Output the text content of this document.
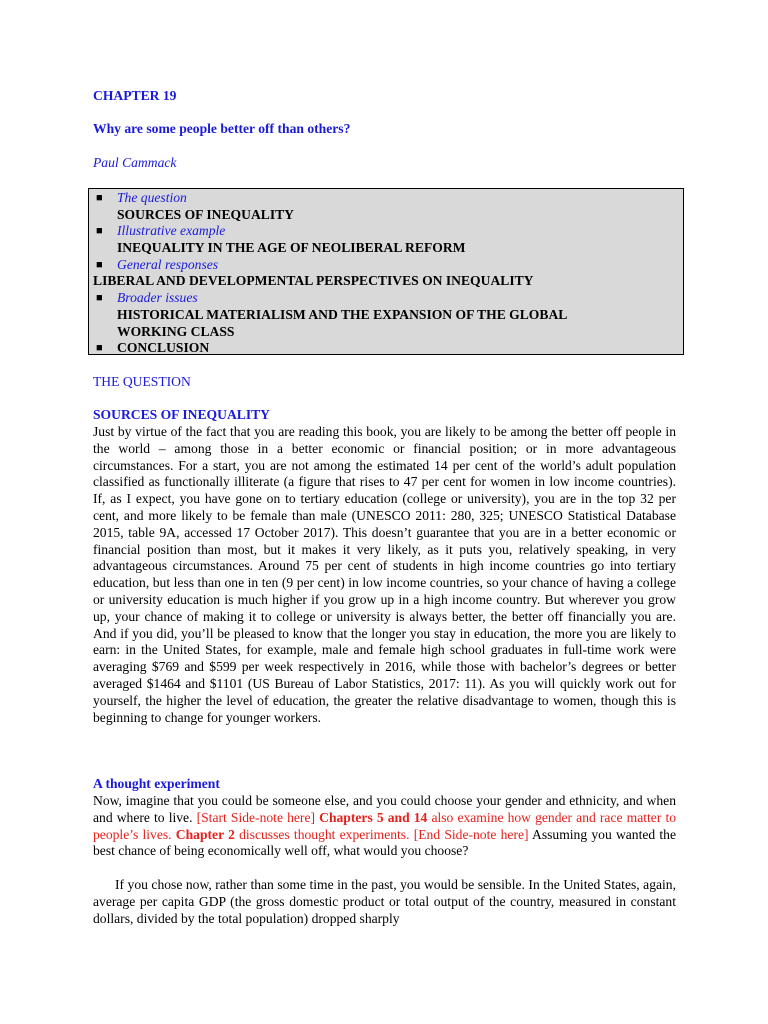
CHAPTER 19
Why are some people better off than others?
Paul Cammack
■ The question
SOURCES OF INEQUALITY
■ Illustrative example
INEQUALITY IN THE AGE OF NEOLIBERAL REFORM
■ General responses
LIBERAL AND DEVELOPMENTAL PERSPECTIVES ON INEQUALITY
■ Broader issues
HISTORICAL MATERIALISM AND THE EXPANSION OF THE GLOBAL
WORKING CLASS
■ CONCLUSION
THE QUESTION
SOURCES OF INEQUALITY
Just by virtue of the fact that you are reading this book, you are likely to be among the better off people in the world – among those in a better economic or financial position; or in more advantageous circumstances. For a start, you are not among the estimated 14 per cent of the world’s adult population classified as functionally illiterate (a figure that rises to 47 per cent for women in low income countries). If, as I expect, you have gone on to tertiary education (college or university), you are in the top 32 per cent, and more likely to be female than male (UNESCO 2011: 280, 325; UNESCO Statistical Database 2015, table 9A, accessed 17 October 2017). This doesn’t guarantee that you are in a better economic or financial position than most, but it makes it very likely, as it puts you, relatively speaking, in very advantageous circumstances. Around 75 per cent of students in high income countries go into tertiary education, but less than one in ten (9 per cent) in low income countries, so your chance of having a college or university education is much higher if you grow up in a high income country. But wherever you grow up, your chance of making it to college or university is always better, the better off financially you are. And if you did, you’ll be pleased to know that the longer you stay in education, the more you are likely to earn: in the United States, for example, male and female high school graduates in full-time work were averaging $769 and $599 per week respectively in 2016, while those with bachelor’s degrees or better averaged $1464 and $1101 (US Bureau of Labor Statistics, 2017: 11). As you will quickly work out for yourself, the higher the level of education, the greater the relative disadvantage to women, though this is beginning to change for younger workers.
A thought experiment
Now, imagine that you could be someone else, and you could choose your gender and ethnicity, and when and where to live. [Start Side-note here] Chapters 5 and 14 also examine how gender and race matter to people’s lives. Chapter 2 discusses thought experiments. [End Side-note here] Assuming you wanted the best chance of being economically well off, what would you choose?
If you chose now, rather than some time in the past, you would be sensible. In the United States, again, average per capita GDP (the gross domestic product or total output of the country, measured in constant dollars, divided by the total population) dropped sharply
